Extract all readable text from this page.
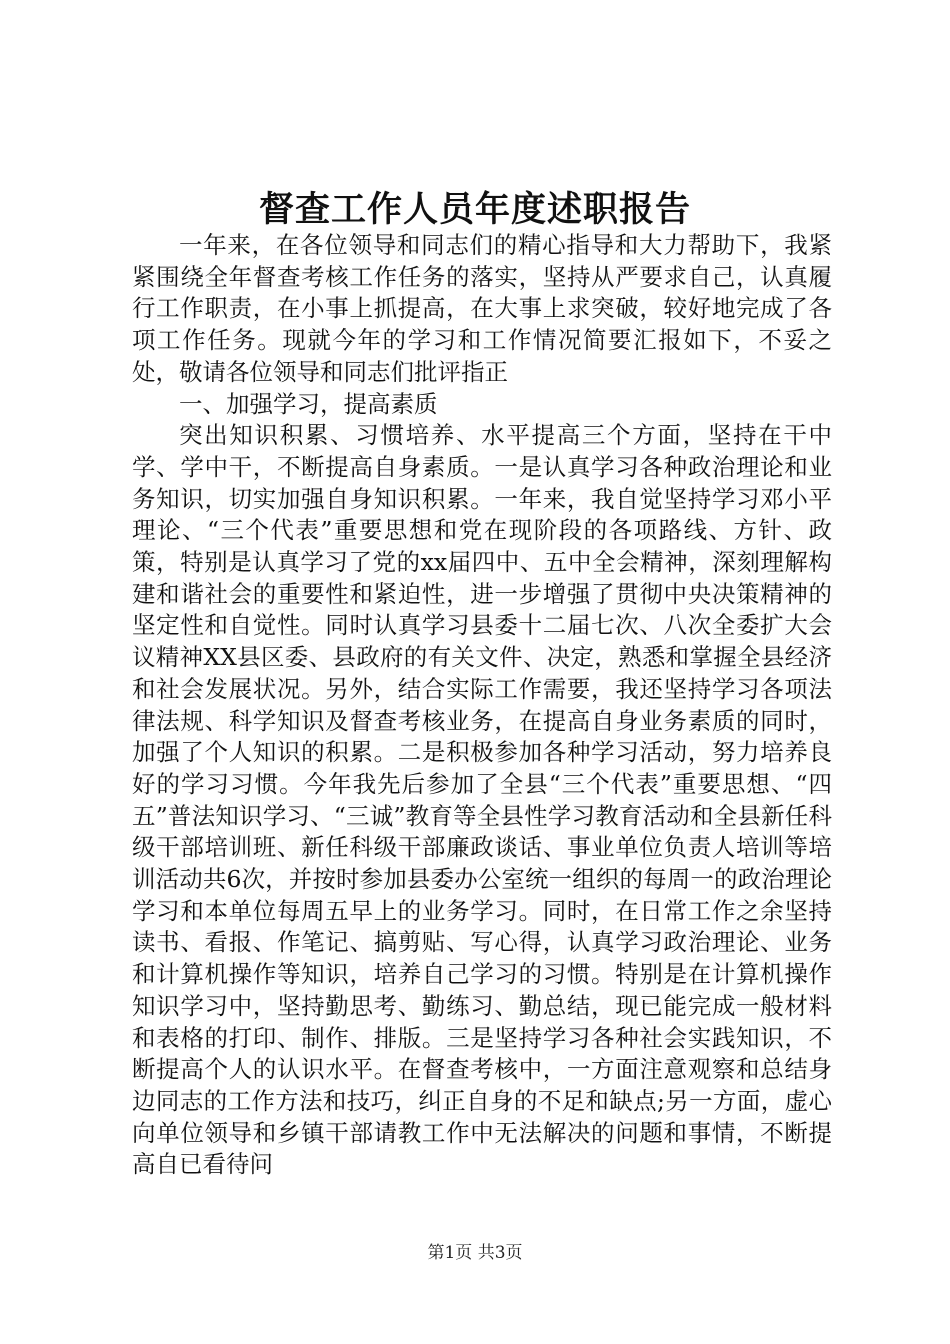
督查工作人员年度述职报告

一年来，在各位领导和同志们的精心指导和大力帮助下，我紧紧围绕全年督查考核工作任务的落实，坚持从严要求自己，认真履行工作职责，在小事上抓提高，在大事上求突破，较好地完成了各项工作任务。现就今年的学习和工作情况简要汇报如下，不妥之处，敬请各位领导和同志们批评指正

一、加强学习，提高素质

突出知识积累、习惯培养、水平提高三个方面，坚持在干中学、学中干，不断提高自身素质。一是认真学习各种政治理论和业务知识，切实加强自身知识积累。一年来，我自觉坚持学习邓小平理论、“三个代表”重要思想和党在现阶段的各项路线、方针、政策，特别是认真学习了党的xx届四中、五中全会精神，深刻理解构建和谐社会的重要性和紧迫性，进一步增强了贯彻中央决策精神的坚定性和自觉性。同时认真学习县委十二届七次、八次全委扩大会议精神XX县区委、县政府的有关文件、决定，熟悉和掌握全县经济和社会发展状况。另外，结合实际工作需要，我还坚持学习各项法律法规、科学知识及督查考核业务，在提高自身业务素质的同时，加强了个人知识的积累。二是积极参加各种学习活动，努力培养良好的学习习惯。今年我先后参加了全县“三个代表”重要思想、“四五”普法知识学习、“三诚”教育等全县性学习教育活动和全县新任科级干部培训班、新任科级干部廉政谈话、事业单位负责人培训等培训活动共6次，并按时参加县委办公室统一组织的每周一的政治理论学习和本单位每周五早上的业务学习。同时，在日常工作之余坚持读书、看报、作笔记、搞剪贴、写心得，认真学习政治理论、业务和计算机操作等知识，培养自己学习的习惯。特别是在计算机操作知识学习中，坚持勤思考、勤练习、勤总结，现已能完成一般材料和表格的打印、制作、排版。三是坚持学习各种社会实践知识，不断提高个人的认识水平。在督查考核中，一方面注意观察和总结身边同志的工作方法和技巧，纠正自身的不足和缺点;另一方面，虚心向单位领导和乡镇干部请教工作中无法解决的问题和事情，不断提高自已看待问

第1页 共3页
